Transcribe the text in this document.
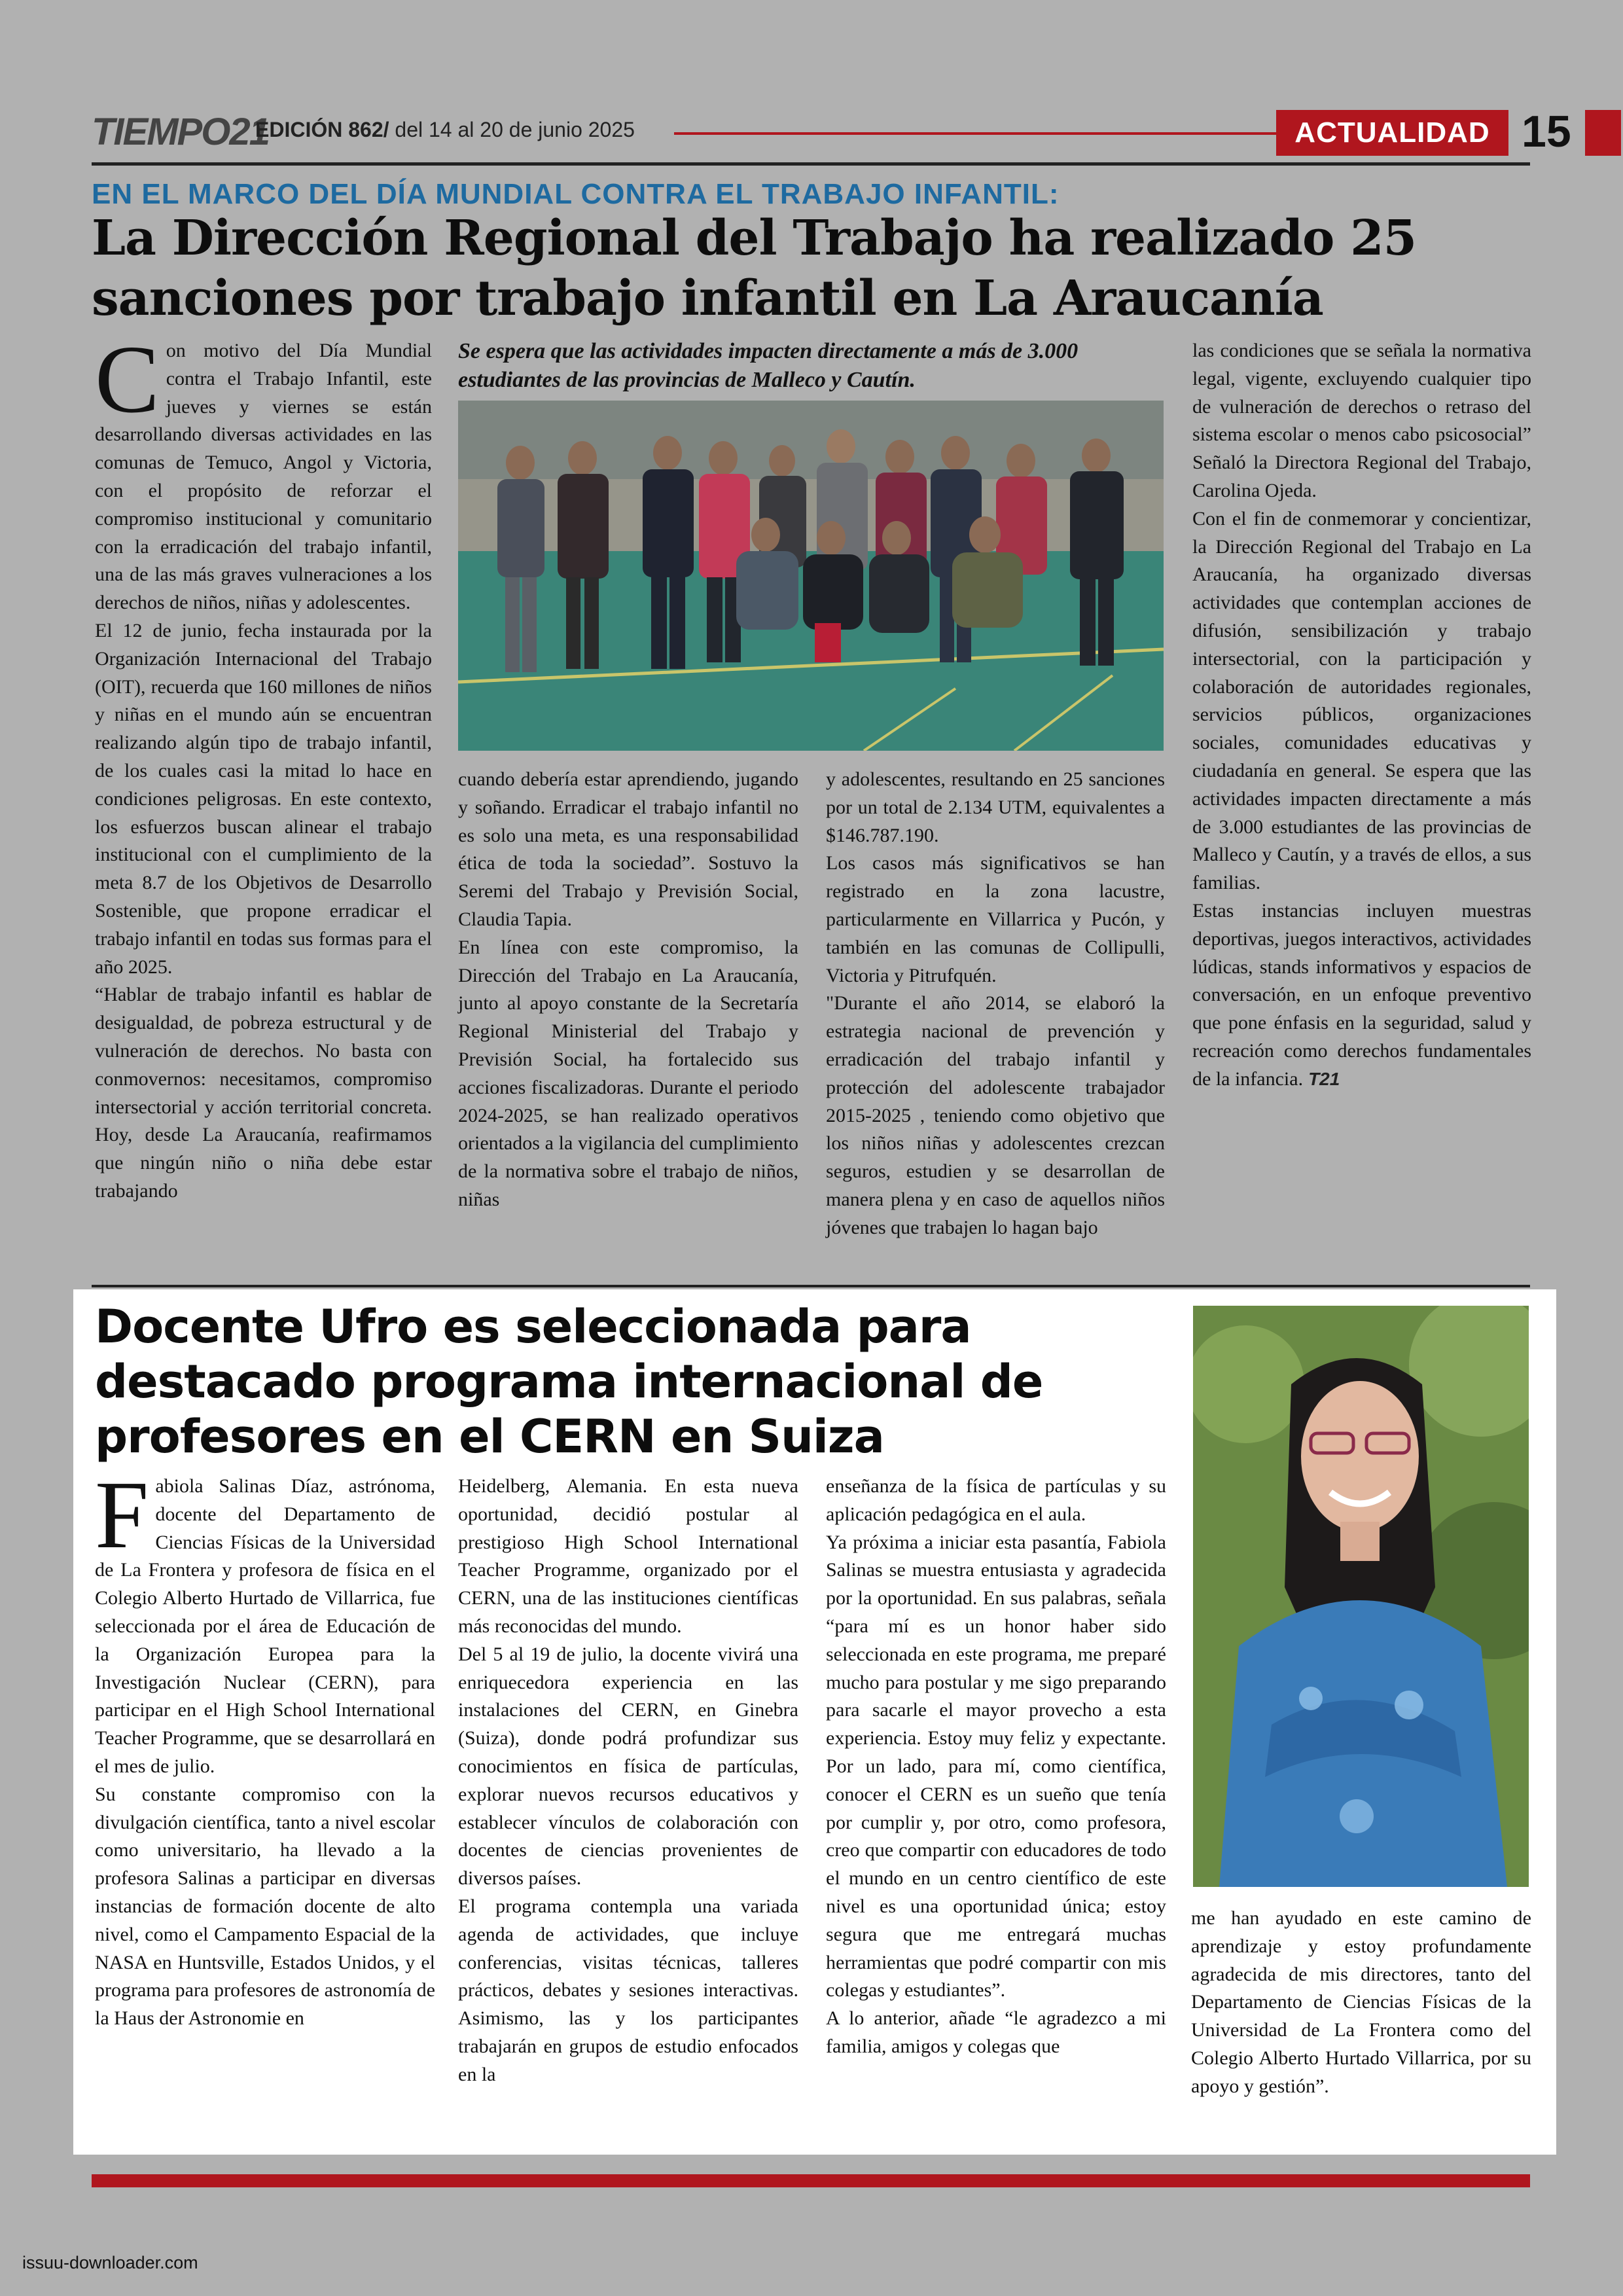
TIEMPO21
EDICIÓN 862/ del 14 al 20 de junio 2025	ACTUALIDAD 15
EN EL MARCO DEL DÍA MUNDIAL CONTRA EL TRABAJO INFANTIL:
La Dirección Regional del Trabajo ha realizado 25 sanciones por trabajo infantil en La Araucanía

Con motivo del Día Mundial contra el Trabajo Infantil, este jueves y viernes se están desarrollando diversas actividades en las comunas de Temuco, Angol y Victoria, con el propósito de reforzar el compromiso institucional y comunitario con la erradicación del trabajo infantil, una de las más graves vulneraciones a los derechos de niños, niñas y adolescentes.

El 12 de junio, fecha instaurada por la Organización Internacional del Trabajo (OIT), recuerda que 160 millones de niños y niñas en el mundo aún se encuentran realizando algún tipo de trabajo infantil, de los cuales casi la mitad lo hace en condiciones peligrosas. En este contexto, los esfuerzos buscan alinear el trabajo institucional con el cumplimiento de la meta 8.7 de los Objetivos de Desarrollo Sostenible, que propone erradicar el trabajo infantil en todas sus formas para el año 2025.

“Hablar de trabajo infantil es hablar de desigualdad, de pobreza estructural y de vulneración de derechos. No basta con conmovernos: necesitamos, compromiso intersectorial y acción territorial concreta. Hoy, desde La Araucanía, reafirmamos que ningún niño o niña debe estar trabajando

Se espera que las actividades impacten directamente a más de 3.000 estudiantes de las provincias de Malleco y Cautín.

cuando debería estar aprendiendo, jugando y soñando. Erradicar el trabajo infantil no es solo una meta, es una responsabilidad ética de toda la sociedad”. Sostuvo la Seremi del Trabajo y Previsión Social, Claudia Tapia.

En línea con este compromiso, la Dirección del Trabajo en La Araucanía, junto al apoyo constante de la Secretaría Regional Ministerial del Trabajo y Previsión Social, ha fortalecido sus acciones fiscalizadoras. Durante el periodo 2024-2025, se han realizado operativos orientados a la vigilancia del cumplimiento de la normativa sobre el trabajo de niños, niñas

y adolescentes, resultando en 25 sanciones por un total de 2.134 UTM, equivalentes a $146.787.190.

Los casos más significativos se han registrado en la zona lacustre, particularmente en Villarrica y Pucón, y también en las comunas de Collipulli, Victoria y Pitrufquén.

"Durante el año 2014, se elaboró la estrategia nacional de prevención y erradicación del trabajo infantil y protección del adolescente trabajador 2015-2025 , teniendo como objetivo que los niños niñas y adolescentes crezcan seguros, estudien y se desarrollan de manera plena y en caso de aquellos niños jóvenes que trabajen lo hagan bajo

las condiciones que se señala la normativa legal, vigente, excluyendo cualquier tipo de vulneración de derechos o retraso del sistema escolar o menos cabo psicosocial” Señaló la Directora Regional del Trabajo, Carolina Ojeda.

Con el fin de conmemorar y concientizar, la Dirección Regional del Trabajo en La Araucanía, ha organizado diversas actividades que contemplan acciones de difusión, sensibilización y trabajo intersectorial, con la participación y colaboración de autoridades regionales, servicios públicos, organizaciones sociales, comunidades educativas y ciudadanía en general. Se espera que las actividades impacten directamente a más de 3.000 estudiantes de las provincias de Malleco y Cautín, y a través de ellos, a sus familias.

Estas instancias incluyen muestras deportivas, juegos interactivos, actividades lúdicas, stands informativos y espacios de conversación, en un enfoque preventivo que pone énfasis en la seguridad, salud y recreación como derechos fundamentales de la infancia. T21

Docente Ufro es seleccionada para destacado programa internacional de profesores en el CERN en Suiza

Fabiola Salinas Díaz, astrónoma, docente del Departamento de Ciencias Físicas de la Universidad de La Frontera y profesora de física en el Colegio Alberto Hurtado de Villarrica, fue seleccionada por el área de Educación de la Organización Europea para la Investigación Nuclear (CERN), para participar en el High School International Teacher Programme, que se desarrollará en el mes de julio.

Su constante compromiso con la divulgación científica, tanto a nivel escolar como universitario, ha llevado a la profesora Salinas a participar en diversas instancias de formación docente de alto nivel, como el Campamento Espacial de la NASA en Huntsville, Estados Unidos, y el programa para profesores de astronomía de la Haus der Astronomie en

Heidelberg, Alemania. En esta nueva oportunidad, decidió postular al prestigioso High School International Teacher Programme, organizado por el CERN, una de las instituciones científicas más reconocidas del mundo.

Del 5 al 19 de julio, la docente vivirá una enriquecedora experiencia en las instalaciones del CERN, en Ginebra (Suiza), donde podrá profundizar sus conocimientos en física de partículas, explorar nuevos recursos educativos y establecer vínculos de colaboración con docentes de ciencias provenientes de diversos países.

El programa contempla una variada agenda de actividades, que incluye conferencias, visitas técnicas, talleres prácticos, debates y sesiones interactivas. Asimismo, las y los participantes trabajarán en grupos de estudio enfocados en la

enseñanza de la física de partículas y su aplicación pedagógica en el aula.

Ya próxima a iniciar esta pasantía, Fabiola Salinas se muestra entusiasta y agradecida por la oportunidad. En sus palabras, señala “para mí es un honor haber sido seleccionada en este programa, me preparé mucho para postular y me sigo preparando para sacarle el mayor provecho a esta experiencia. Estoy muy feliz y expectante. Por un lado, para mí, como científica, conocer el CERN es un sueño que tenía por cumplir y, por otro, como profesora, creo que compartir con educadores de todo el mundo en un centro científico de este nivel es una oportunidad única; estoy segura que me entregará muchas herramientas que podré compartir con mis colegas y estudiantes”.

A lo anterior, añade “le agradezco a mi familia, amigos y colegas que

me han ayudado en este camino de aprendizaje y estoy profundamente agradecida de mis directores, tanto del Departamento de Ciencias Físicas de la Universidad de La Frontera como del Colegio Alberto Hurtado Villarrica, por su apoyo y gestión”.

issuu-downloader.com
